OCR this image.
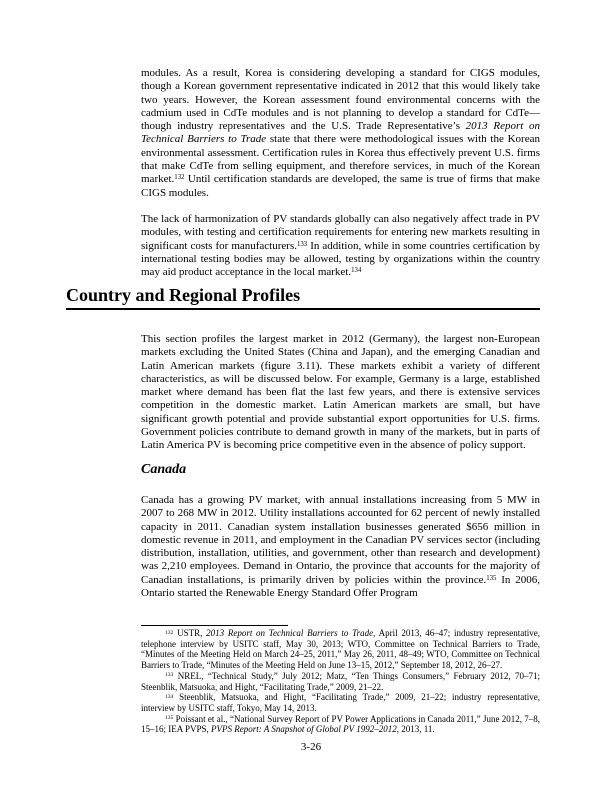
modules. As a result, Korea is considering developing a standard for CIGS modules, though a Korean government representative indicated in 2012 that this would likely take two years. However, the Korean assessment found environmental concerns with the cadmium used in CdTe modules and is not planning to develop a standard for CdTe—though industry representatives and the U.S. Trade Representative’s 2013 Report on Technical Barriers to Trade state that there were methodological issues with the Korean environmental assessment. Certification rules in Korea thus effectively prevent U.S. firms that make CdTe from selling equipment, and therefore services, in much of the Korean market.$^{132}$ Until certification standards are developed, the same is true of firms that make CIGS modules.

The lack of harmonization of PV standards globally can also negatively affect trade in PV modules, with testing and certification requirements for entering new markets resulting in significant costs for manufacturers.$^{133}$ In addition, while in some countries certification by international testing bodies may be allowed, testing by organizations within the country may aid product acceptance in the local market.$^{134}$

Country and Regional Profiles

This section profiles the largest market in 2012 (Germany), the largest non-European markets excluding the United States (China and Japan), and the emerging Canadian and Latin American markets (figure 3.11). These markets exhibit a variety of different characteristics, as will be discussed below. For example, Germany is a large, established market where demand has been flat the last few years, and there is extensive services competition in the domestic market. Latin American markets are small, but have significant growth potential and provide substantial export opportunities for U.S. firms. Government policies contribute to demand growth in many of the markets, but in parts of Latin America PV is becoming price competitive even in the absence of policy support.

Canada

Canada has a growing PV market, with annual installations increasing from 5 MW in 2007 to 268 MW in 2012. Utility installations accounted for 62 percent of newly installed capacity in 2011. Canadian system installation businesses generated $656 million in domestic revenue in 2011, and employment in the Canadian PV services sector (including distribution, installation, utilities, and government, other than research and development) was 2,210 employees. Demand in Ontario, the province that accounts for the majority of Canadian installations, is primarily driven by policies within the province.$^{135}$ In 2006, Ontario started the Renewable Energy Standard Offer Program

$^{132}$ USTR, 2013 Report on Technical Barriers to Trade, April 2013, 46–47; industry representative, telephone interview by USITC staff, May 30, 2013; WTO, Committee on Technical Barriers to Trade, “Minutes of the Meeting Held on March 24–25, 2011,” May 26, 2011, 48–49; WTO, Committee on Technical Barriers to Trade, “Minutes of the Meeting Held on June 13–15, 2012,” September 18, 2012, 26–27.

$^{133}$ NREL, “Technical Study,” July 2012; Matz, “Ten Things Consumers,” February 2012, 70–71; Steenblik, Matsuoka, and Hight, “Facilitating Trade,” 2009, 21–22.

$^{134}$ Steenblik, Matsuoka, and Hight, “Facilitating Trade,” 2009, 21–22; industry representative, interview by USITC staff, Tokyo, May 14, 2013.

$^{135}$ Poissant et al., “National Survey Report of PV Power Applications in Canada 2011,” June 2012, 7–8, 15–16; IEA PVPS, PVPS Report: A Snapshot of Global PV 1992–2012, 2013, 11.

3-26
